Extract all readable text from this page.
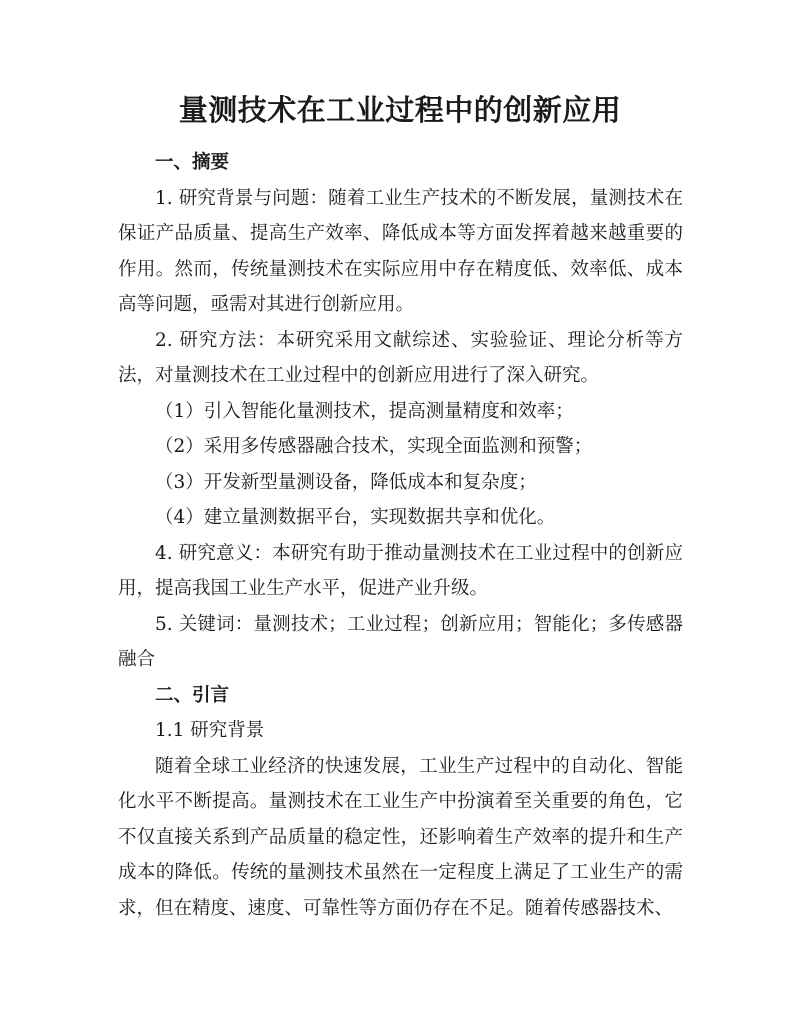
量测技术在工业过程中的创新应用
一、摘要

1. 研究背景与问题：随着工业生产技术的不断发展，量测技术在保证产品质量、提高生产效率、降低成本等方面发挥着越来越重要的作用。然而，传统量测技术在实际应用中存在精度低、效率低、成本高等问题，亟需对其进行创新应用。

2. 研究方法：本研究采用文献综述、实验验证、理论分析等方法，对量测技术在工业过程中的创新应用进行了深入研究。

（1）引入智能化量测技术，提高测量精度和效率；
（2）采用多传感器融合技术，实现全面监测和预警；
（3）开发新型量测设备，降低成本和复杂度；
（4）建立量测数据平台，实现数据共享和优化。

4. 研究意义：本研究有助于推动量测技术在工业过程中的创新应用，提高我国工业生产水平，促进产业升级。

5. 关键词：量测技术；工业过程；创新应用；智能化；多传感器融合

二、引言
1.1 研究背景

随着全球工业经济的快速发展，工业生产过程中的自动化、智能化水平不断提高。量测技术在工业生产中扮演着至关重要的角色，它不仅直接关系到产品质量的稳定性，还影响着生产效率的提升和生产成本的降低。传统的量测技术虽然在一定程度上满足了工业生产的需求，但在精度、速度、可靠性等方面仍存在不足。随着传感器技术、
